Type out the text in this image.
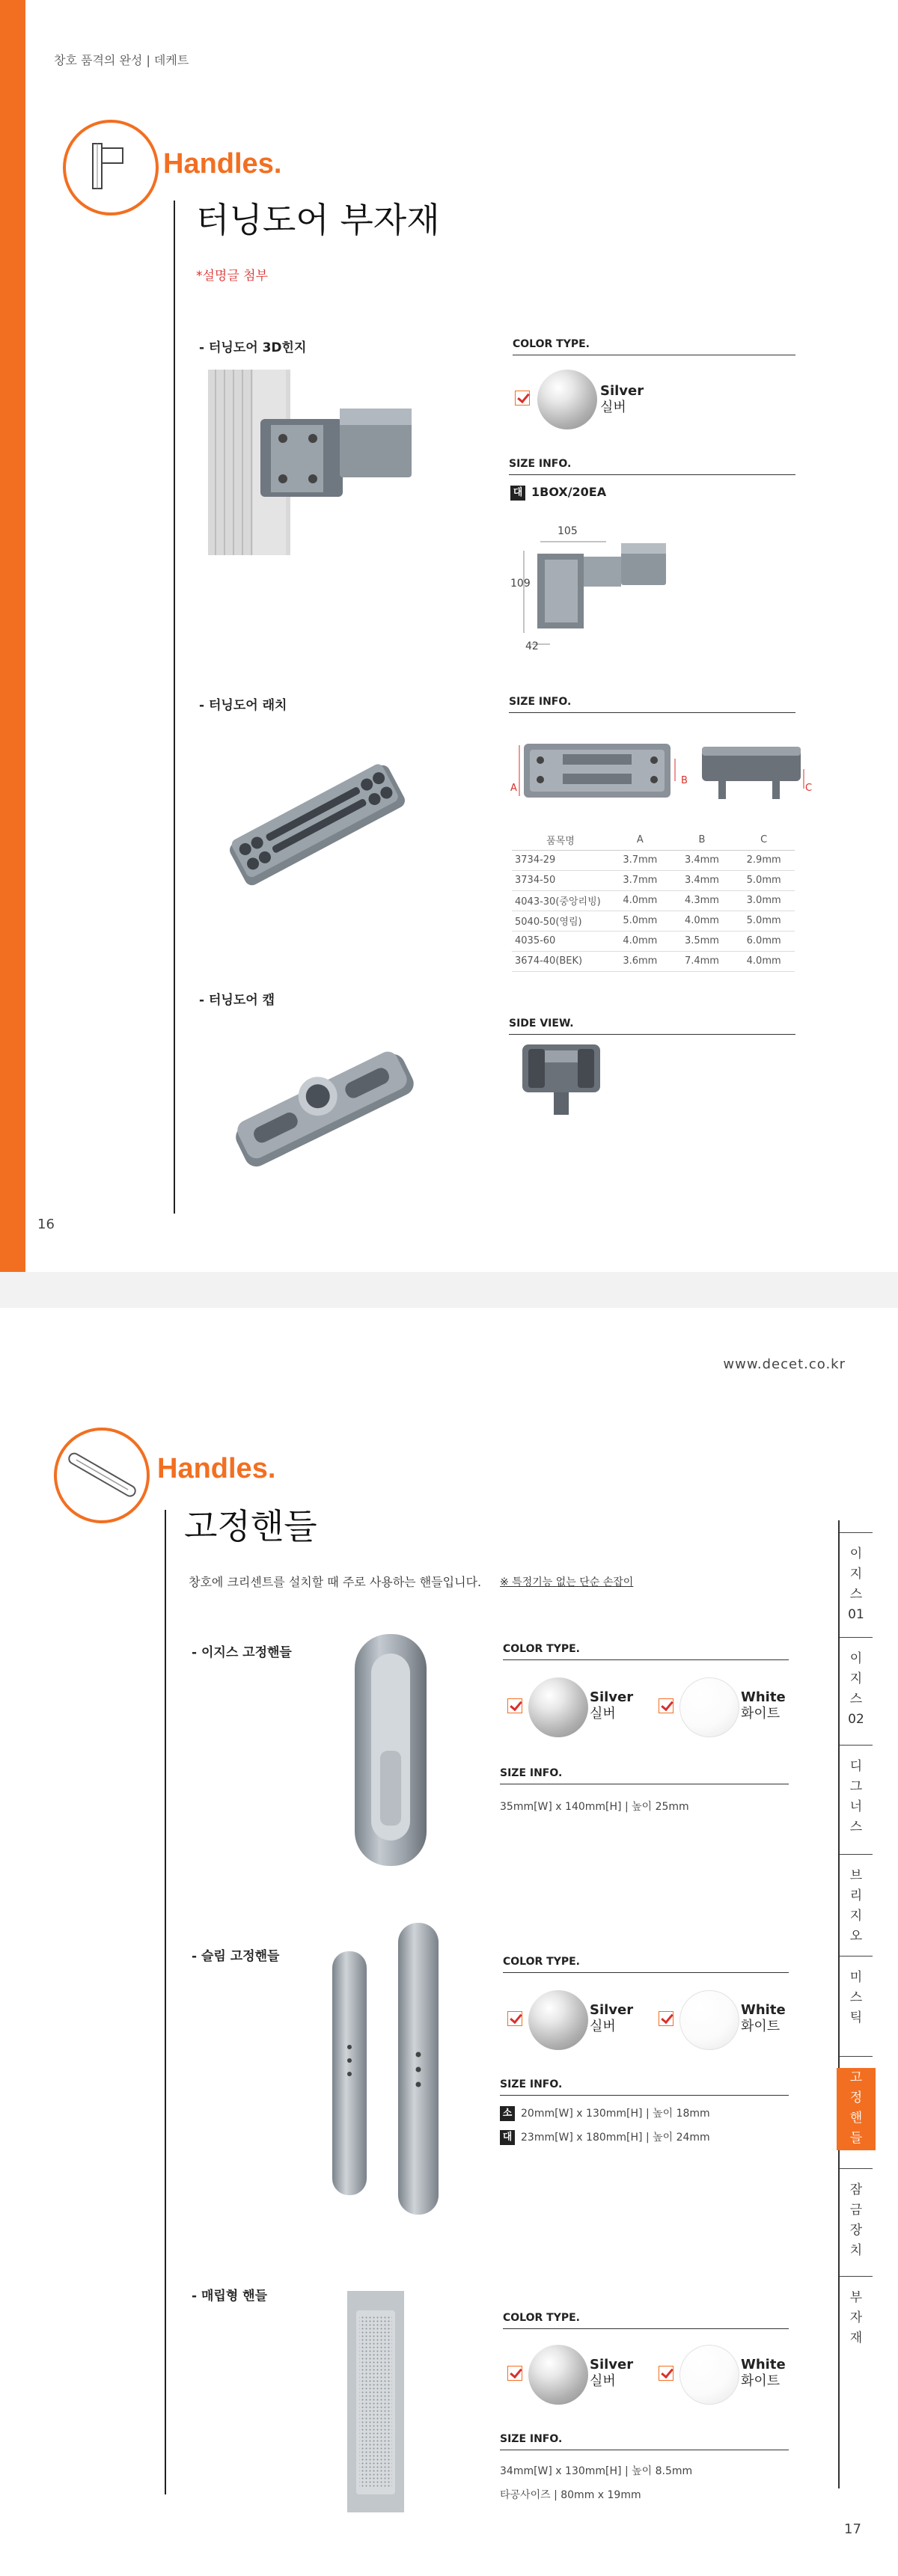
창호 품격의 완성 | 데케트
Handles.
터닝도어 부자재
*설명글 첨부
- 터닝도어 3D힌지	COLOR TYPE.
Silver
실버
SIZE INFO.
대 1BOX/20EA
105
109
42
- 터닝도어 래치	SIZE INFO.
A
B
C
품목명	A	B	C
3734-29	3.7mm	3.4mm	2.9mm
3734-50	3.7mm	3.4mm	5.0mm
4043-30(중앙리빙)	4.0mm	4.3mm	3.0mm
5040-50(영림)	5.0mm	4.0mm	5.0mm
4035-60	4.0mm	3.5mm	6.0mm
3674-40(BEK)	3.6mm	7.4mm	4.0mm
- 터닝도어 캡
SIDE VIEW.
16
www.decet.co.kr
Handles.
고정핸들
창호에 크리센트를 설치할 때 주로 사용하는 핸들입니다. ※ 특정기능 없는 단순 손잡이
- 이지스 고정핸들	COLOR TYPE.
Silver
실버
White
화이트
SIZE INFO.
35mm[W] x 140mm[H] | 높이 25mm
- 슬림 고정핸들	COLOR TYPE.
Silver
실버
White
화이트
SIZE INFO.
소 20mm[W] x 130mm[H] | 높이 18mm
대 23mm[W] x 180mm[H] | 높이 24mm
- 매립형 핸들
COLOR TYPE.
Silver
실버
White
화이트
SIZE INFO.
34mm[W] x 130mm[H] | 높이 8.5mm
타공사이즈 | 80mm x 19mm
이
지
스
01
이
지
스
02
디
그
너
스
브
리
지
오
미
스
틱
고
정
핸
들
잠
금
장
치
부
자
재
17
